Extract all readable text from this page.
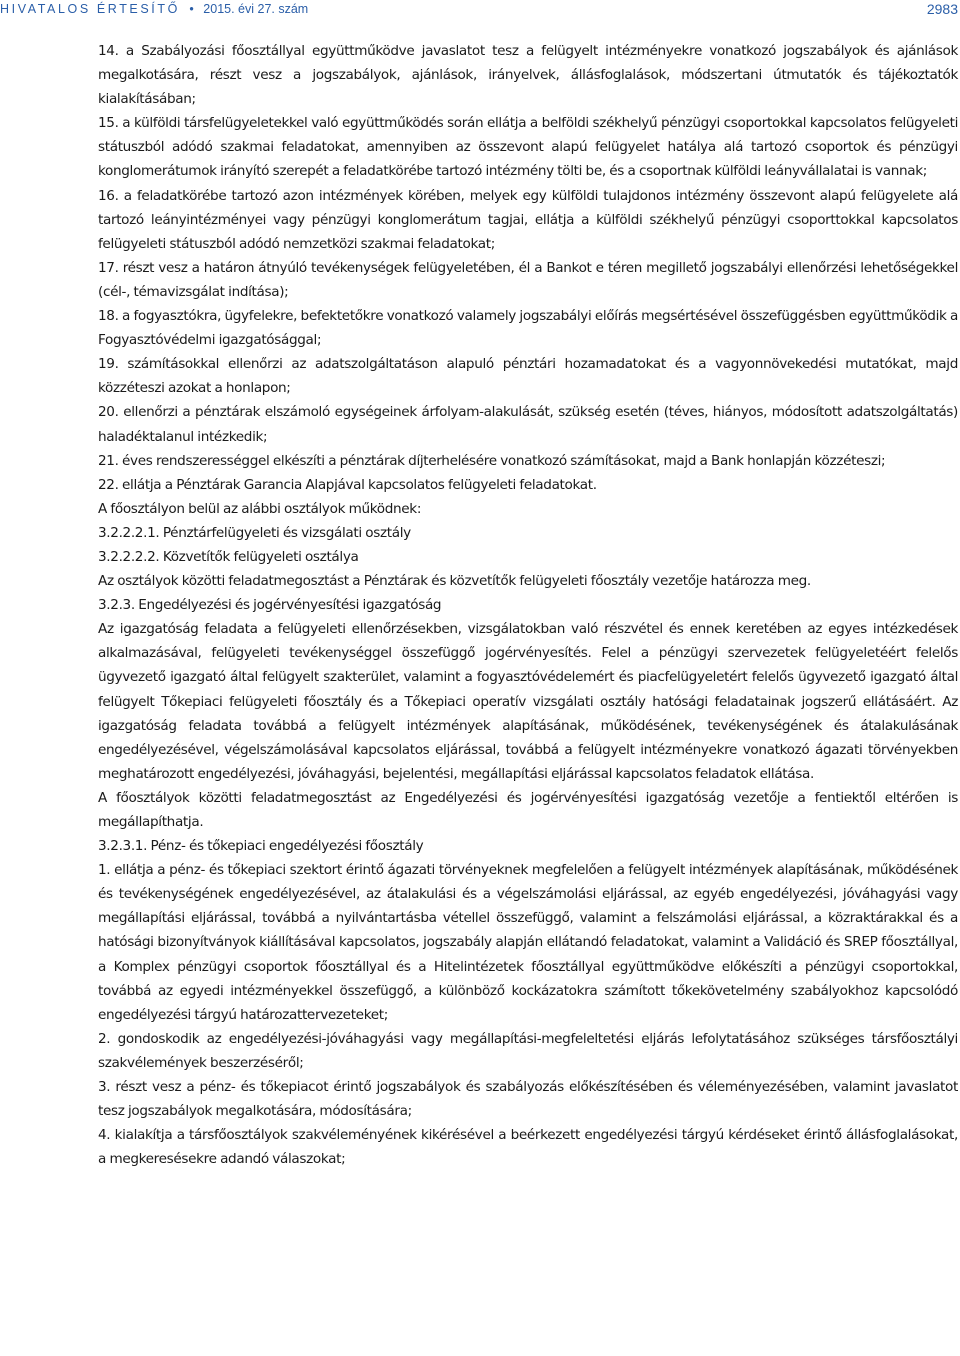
HIVATALOS ÉRTESÍTŐ • 2015. évi 27. szám	2983

14. a Szabályozási főosztállyal együttműködve javaslatot tesz a felügyelt intézményekre vonatkozó jogszabályok és ajánlások megalkotására, részt vesz a jogszabályok, ajánlások, irányelvek, állásfoglalások, módszertani útmutatók és tájékoztatók kialakításában;

15. a külföldi társfelügyeletekkel való együttműködés során ellátja a belföldi székhelyű pénzügyi csoportokkal kapcsolatos felügyeleti státuszból adódó szakmai feladatokat, amennyiben az összevont alapú felügyelet hatálya alá tartozó csoportok és pénzügyi konglomerátumok irányító szerepét a feladatkörébe tartozó intézmény tölti be, és a csoportnak külföldi leányvállalatai is vannak;

16. a feladatkörébe tartozó azon intézmények körében, melyek egy külföldi tulajdonos intézmény összevont alapú felügyelete alá tartozó leányintézményei vagy pénzügyi konglomerátum tagjai, ellátja a külföldi székhelyű pénzügyi csoporttokkal kapcsolatos felügyeleti státuszból adódó nemzetközi szakmai feladatokat;

17. részt vesz a határon átnyúló tevékenységek felügyeletében, él a Bankot e téren megillető jogszabályi ellenőrzési lehetőségekkel (cél-, témavizsgálat indítása);

18. a fogyasztókra, ügyfelekre, befektetőkre vonatkozó valamely jogszabályi előírás megsértésével összefüggésben együttműködik a Fogyasztóvédelmi igazgatósággal;

19. számításokkal ellenőrzi az adatszolgáltatáson alapuló pénztári hozamadatokat és a vagyonnövekedési mutatókat, majd közzéteszi azokat a honlapon;

20. ellenőrzi a pénztárak elszámoló egységeinek árfolyam-alakulását, szükség esetén (téves, hiányos, módosított adatszolgáltatás) haladéktalanul intézkedik;

21. éves rendszerességgel elkészíti a pénztárak díjterhelésére vonatkozó számításokat, majd a Bank honlapján közzéteszi;

22. ellátja a Pénztárak Garancia Alapjával kapcsolatos felügyeleti feladatokat.

A főosztályon belül az alábbi osztályok működnek:

3.2.2.2.1. Pénztárfelügyeleti és vizsgálati osztály

3.2.2.2.2. Közvetítők felügyeleti osztálya

Az osztályok közötti feladatmegosztást a Pénztárak és közvetítők felügyeleti főosztály vezetője határozza meg.

3.2.3. Engedélyezési és jogérvényesítési igazgatóság

Az igazgatóság feladata a felügyeleti ellenőrzésekben, vizsgálatokban való részvétel és ennek keretében az egyes intézkedések alkalmazásával, felügyeleti tevékenységgel összefüggő jogérvényesítés. Felel a pénzügyi szervezetek felügyeletéért felelős ügyvezető igazgató által felügyelt szakterület, valamint a fogyasztóvédelemért és piacfelügyeletért felelős ügyvezető igazgató által felügyelt Tőkepiaci felügyeleti főosztály és a Tőkepiaci operatív vizsgálati osztály hatósági feladatainak jogszerű ellátásáért. Az igazgatóság feladata továbbá a felügyelt intézmények alapításának, működésének, tevékenységének és átalakulásának engedélyezésével, végelszámolásával kapcsolatos eljárással, továbbá a felügyelt intézményekre vonatkozó ágazati törvényekben meghatározott engedélyezési, jóváhagyási, bejelentési, megállapítási eljárással kapcsolatos feladatok ellátása.

A főosztályok közötti feladatmegosztást az Engedélyezési és jogérvényesítési igazgatóság vezetője a fentiektől eltérően is megállapíthatja.

3.2.3.1. Pénz- és tőkepiaci engedélyezési főosztály

1. ellátja a pénz- és tőkepiaci szektort érintő ágazati törvényeknek megfelelően a felügyelt intézmények alapításának, működésének és tevékenységének engedélyezésével, az átalakulási és a végelszámolási eljárással, az egyéb engedélyezési, jóváhagyási vagy megállapítási eljárással, továbbá a nyilvántartásba vétellel összefüggő, valamint a felszámolási eljárással, a közraktárakkal és a hatósági bizonyítványok kiállításával kapcsolatos, jogszabály alapján ellátandó feladatokat, valamint a Validáció és SREP főosztállyal, a Komplex pénzügyi csoportok főosztállyal és a Hitelintézetek főosztállyal együttműködve előkészíti a pénzügyi csoportokkal, továbbá az egyedi intézményekkel összefüggő, a különböző kockázatokra számított tőkekövetelmény szabályokhoz kapcsolódó engedélyezési tárgyú határozattervezeteket;

2. gondoskodik az engedélyezési-jóváhagyási vagy megállapítási-megfeleltetési eljárás lefolytatásához szükséges társfőosztályi szakvélemények beszerzéséről;

3. részt vesz a pénz- és tőkepiacot érintő jogszabályok és szabályozás előkészítésében és véleményezésében, valamint javaslatot tesz jogszabályok megalkotására, módosítására;

4. kialakítja a társfőosztályok szakvéleményének kikérésével a beérkezett engedélyezési tárgyú kérdéseket érintő állásfoglalásokat, a megkeresésekre adandó válaszokat;
